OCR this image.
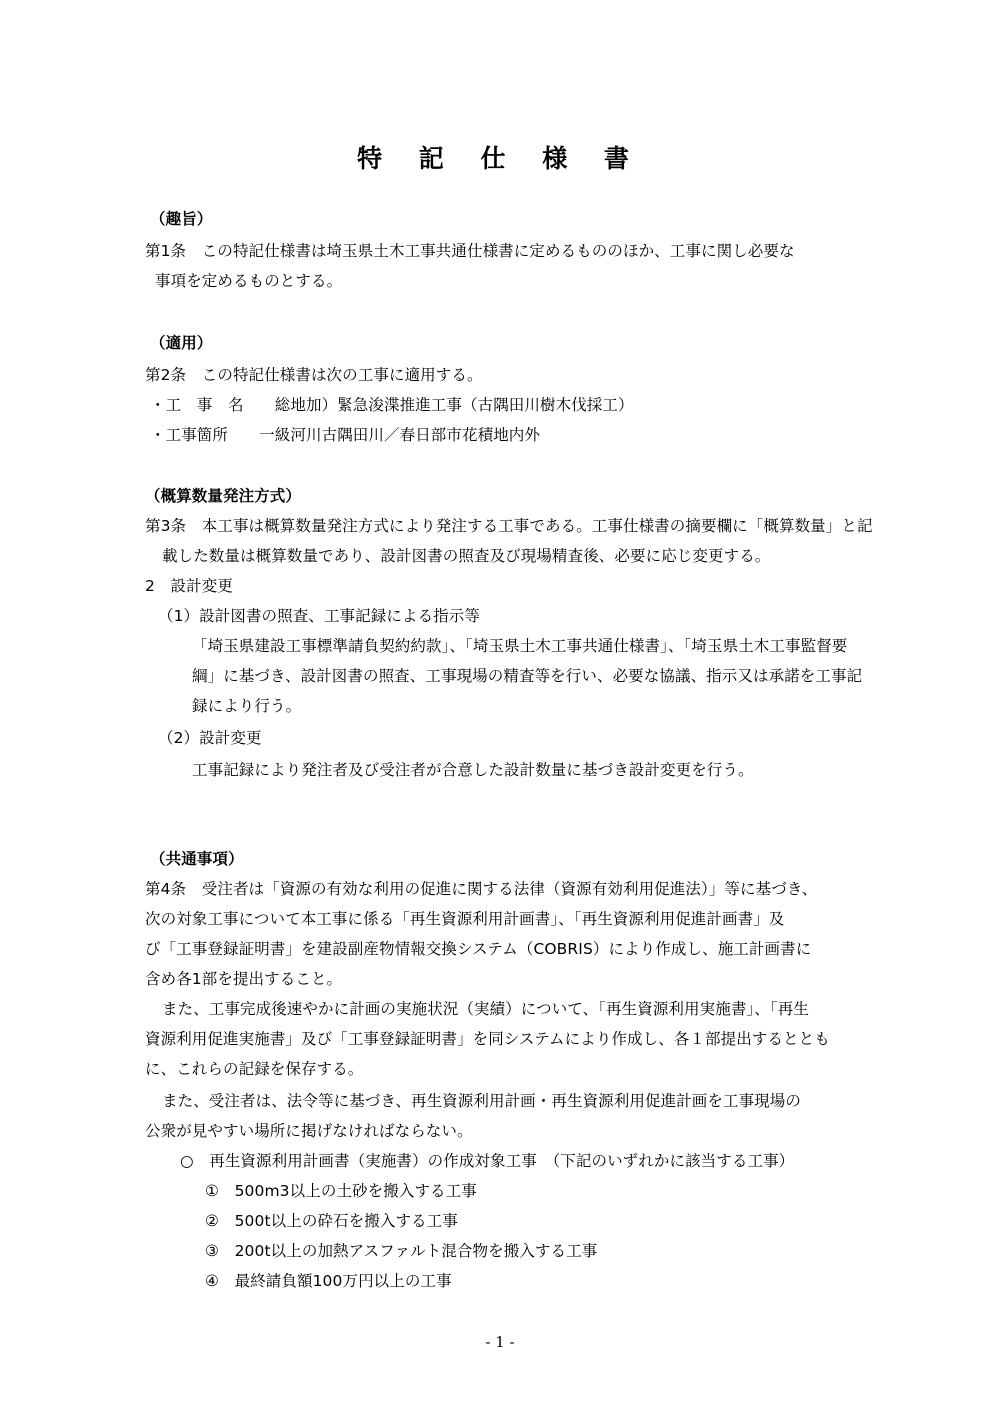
特 記 仕 様 書
（趣旨）
第1条　この特記仕様書は埼玉県土木工事共通仕様書に定めるもののほか、工事に関し必要な
事項を定めるものとする。
（適用）
第2条　この特記仕様書は次の工事に適用する。
・工　事　名　　総地加）緊急浚渫推進工事（古隅田川樹木伐採工）
・工事箇所　　一級河川古隅田川／春日部市花積地内外
（概算数量発注方式）
第3条　本工事は概算数量発注方式により発注する工事である。工事仕様書の摘要欄に「概算数量」と記
載した数量は概算数量であり、設計図書の照査及び現場精査後、必要に応じ変更する。
2　設計変更
（1）設計図書の照査、工事記録による指示等
「埼玉県建設工事標準請負契約約款」、「埼玉県土木工事共通仕様書」、「埼玉県土木工事監督要
綱」に基づき、設計図書の照査、工事現場の精査等を行い、必要な協議、指示又は承諾を工事記
録により行う。
（2）設計変更
工事記録により発注者及び受注者が合意した設計数量に基づき設計変更を行う。
（共通事項）
第4条　受注者は「資源の有効な利用の促進に関する法律（資源有効利用促進法）」等に基づき、
次の対象工事について本工事に係る「再生資源利用計画書」、「再生資源利用促進計画書」及
び「工事登録証明書」を建設副産物情報交換システム（COBRIS）により作成し、施工計画書に
含め各1部を提出すること。
また、工事完成後速やかに計画の実施状況（実績）について、「再生資源利用実施書」、「再生
資源利用促進実施書」及び「工事登録証明書」を同システムにより作成し、各１部提出するととも
に、これらの記録を保存する。
また、受注者は、法令等に基づき、再生資源利用計画・再生資源利用促進計画を工事現場の
公衆が見やすい場所に掲げなければならない。
○　再生資源利用計画書（実施書）の作成対象工事　（下記のいずれかに該当する工事）
①　500m3以上の土砂を搬入する工事
②　500t以上の砕石を搬入する工事
③　200t以上の加熱アスファルト混合物を搬入する工事
④　最終請負額100万円以上の工事
- 1 -
